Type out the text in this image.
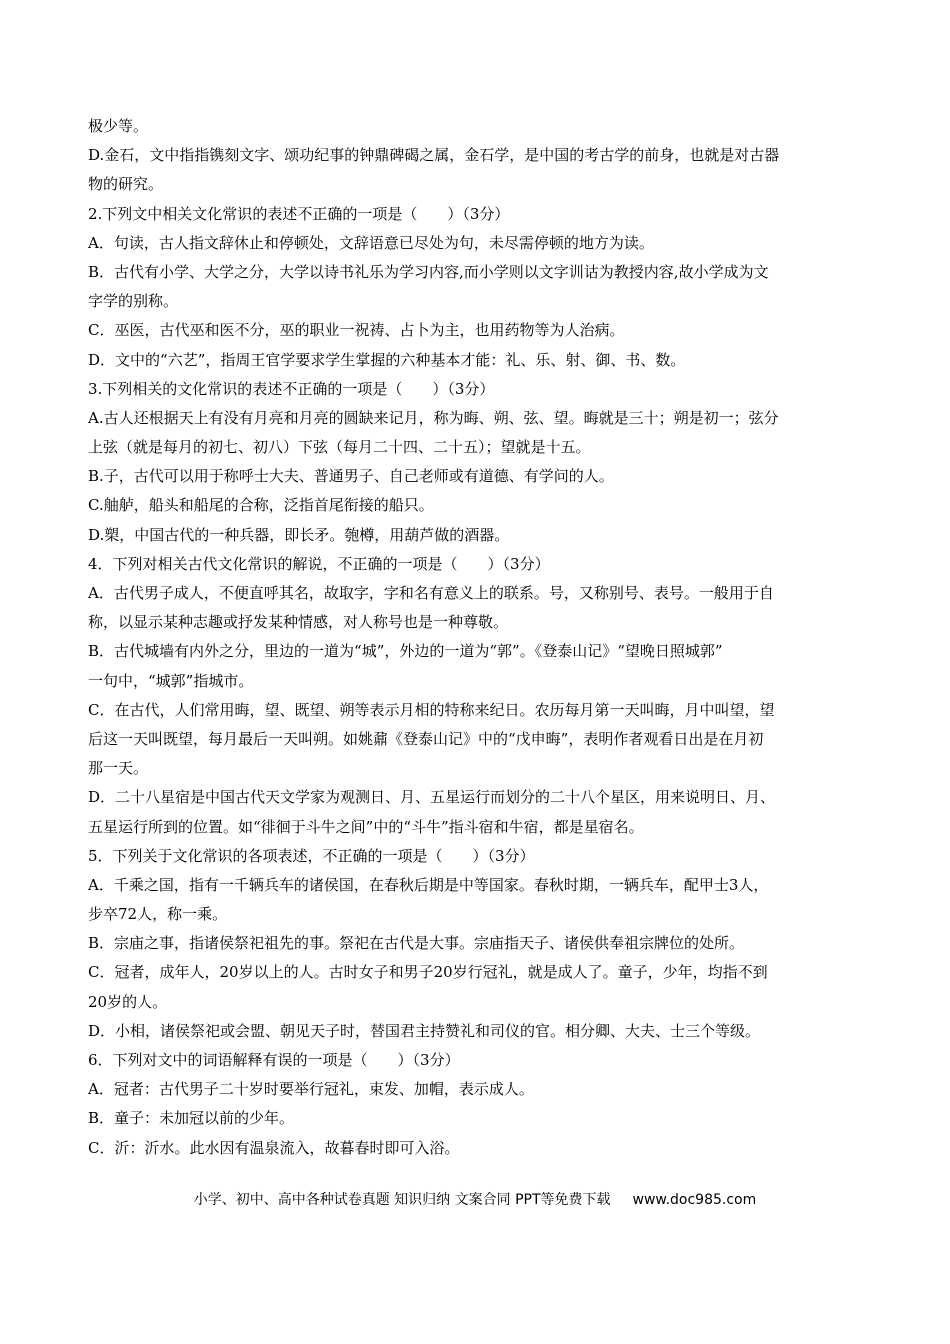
极少等。
D.金石，文中指指镌刻文字、颂功纪事的钟鼎碑碣之属，金石学，是中国的考古学的前身，也就是对古器
物的研究。
2.下列文中相关文化常识的表述不正确的一项是（　　）（3分）
A．句读，古人指文辞休止和停顿处，文辞语意已尽处为句，未尽需停顿的地方为读。
B．古代有小学、大学之分，大学以诗书礼乐为学习内容,而小学则以文字训诂为教授内容,故小学成为文
字学的别称。
C．巫医，古代巫和医不分，巫的职业一祝祷、占卜为主，也用药物等为人治病。
D．文中的“六艺”，指周王官学要求学生掌握的六种基本才能：礼、乐、射、御、书、数。
3.下列相关的文化常识的表述不正确的一项是（　　）（3分）
A.古人还根据天上有没有月亮和月亮的圆缺来记月，称为晦、朔、弦、望。晦就是三十；朔是初一；弦分
上弦（就是每月的初七、初八）下弦（每月二十四、二十五）；望就是十五。
B.子，古代可以用于称呼士大夫、普通男子、自己老师或有道德、有学问的人。
C.舳舻，船头和船尾的合称，泛指首尾衔接的船只。
D.槊，中国古代的一种兵器，即长矛。匏樽，用葫芦做的酒器。
4．下列对相关古代文化常识的解说，不正确的一项是（　　）（3分）
A．古代男子成人，不便直呼其名，故取字，字和名有意义上的联系。号，又称别号、表号。一般用于自
称，以显示某种志趣或抒发某种情感，对人称号也是一种尊敬。
B．古代城墙有内外之分，里边的一道为“城”，外边的一道为“郭”。《登泰山记》“望晚日照城郭”
一句中，“城郭”指城市。
C．在古代，人们常用晦，望、既望、朔等表示月相的特称来纪日。农历每月第一天叫晦，月中叫望，望
后这一天叫既望，每月最后一天叫朔。如姚鼐《登泰山记》中的“戊申晦”，表明作者观看日出是在月初
那一天。
D．二十八星宿是中国古代天文学家为观测日、月、五星运行而划分的二十八个星区，用来说明日、月、
五星运行所到的位置。如“徘徊于斗牛之间”中的“斗牛”指斗宿和牛宿，都是星宿名。
5．下列关于文化常识的各项表述，不正确的一项是（　　）（3分）
A．千乘之国，指有一千辆兵车的诸侯国，在春秋后期是中等国家。春秋时期，一辆兵车，配甲士3人，
步卒72人，称一乘。
B．宗庙之事，指诸侯祭祀祖先的事。祭祀在古代是大事。宗庙指天子、诸侯供奉祖宗牌位的处所。
C．冠者，成年人，20岁以上的人。古时女子和男子20岁行冠礼，就是成人了。童子，少年，均指不到
20岁的人。
D．小相，诸侯祭祀或会盟、朝见天子时，替国君主持赞礼和司仪的官。相分卿、大夫、士三个等级。
6．下列对文中的词语解释有误的一项是（　　）（3分）
A．冠者：古代男子二十岁时要举行冠礼，束发、加帽，表示成人。
B．童子：未加冠以前的少年。
C．沂：沂水。此水因有温泉流入，故暮春时即可入浴。
小学、初中、高中各种试卷真题 知识归纳 文案合同 PPT等免费下载 www.doc985.com
